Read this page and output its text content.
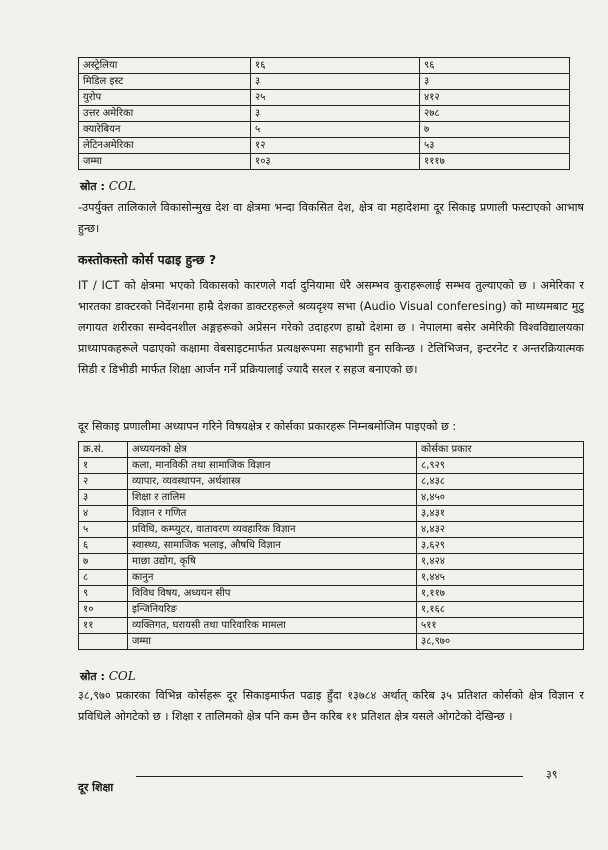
अस्ट्रेलिया	१६	९६
मिडिल इस्ट	३	३
युरोप	२५	४१२
उत्तर अमेरिका	३	२७८
क्यारेबियन	५	७
लेटिनअमेरिका	१२	५३
जम्मा	१०३	१११७
स्रोत : COL
-उपर्युक्त तालिकाले विकासोन्मुख देश वा क्षेत्रमा भन्दा विकसित देश, क्षेत्र वा महादेशमा दूर सिकाइ प्रणाली फस्टाएको आभाष हुन्छ।
कस्तोकस्तो कोर्स पढाइ हुन्छ ?
IT / ICT को क्षेत्रमा भएको विकासको कारणले गर्दा दुनियामा धेरै असम्भव कुराहरूलाई सम्भव तुल्याएको छ । अमेरिका र भारतका डाक्टरको निर्देशनमा हाम्रै देशका डाक्टरहरूले श्रव्यदृश्य सभा (Audio Visual conferesing) को माध्यमबाट मुटु लगायत शरीरका सम्वेदनशील अङ्गहरूको अप्रेसन गरेको उदाहरण हाम्रो देशमा छ । नेपालमा बसेर अमेरिकी विश्वविद्यालयका प्राध्यापकहरूले पढाएको कक्षामा वेबसाइटमार्फत प्रत्यक्षरूपमा सहभागी हुन सकिन्छ । टेलिभिजन, इन्टरनेट र अन्तरक्रियात्मक सिडी र डिभीडी मार्फत शिक्षा आर्जन गर्ने प्रक्रियालाई ज्यादै सरल र सहज बनाएको छ।
दूर सिकाइ प्रणालीमा अध्यापन गरिने विषयक्षेत्र र कोर्सका प्रकारहरू निम्नबमोजिम पाइएको छ :
क्र.सं.	अध्ययनको क्षेत्र	कोर्सका प्रकार
१	कला, मानविकी तथा सामाजिक विज्ञान	८,९२९
२	व्यापार, व्यवस्थापन, अर्थशास्त्र	८,४३८
३	शिक्षा र तालिम	४,४५०
४	विज्ञान र गणित	३,४३१
५	प्रविधि, कम्प्युटर, वातावरण व्यवहारिक विज्ञान	४,४३२
६	स्वास्थ्य, सामाजिक भलाइ, औषधि विज्ञान	३,६२९
७	माछा उद्योग, कृषि	१,४२४
८	कानुन	१,४४५
९	विविध विषय, अध्ययन सीप	१,११७
१०	इन्जिनियरिङ	१,१६८
११	व्यक्तिगत, घरायसी तथा पारिवारिक मामला	५११
	जम्मा	३८,९७०
स्रोत : COL
३८,९७० प्रकारका विभिन्न कोर्सहरू दूर सिकाइमार्फत पढाइ हुँदा १३७८४ अर्थात् करिब ३५ प्रतिशत कोर्सको क्षेत्र विज्ञान र प्रविधिले ओगटेको छ । शिक्षा र तालिमको क्षेत्र पनि कम छैन करिब ११ प्रतिशत क्षेत्र यसले ओगटेको देखिन्छ ।
दूर शिक्षा
३९
